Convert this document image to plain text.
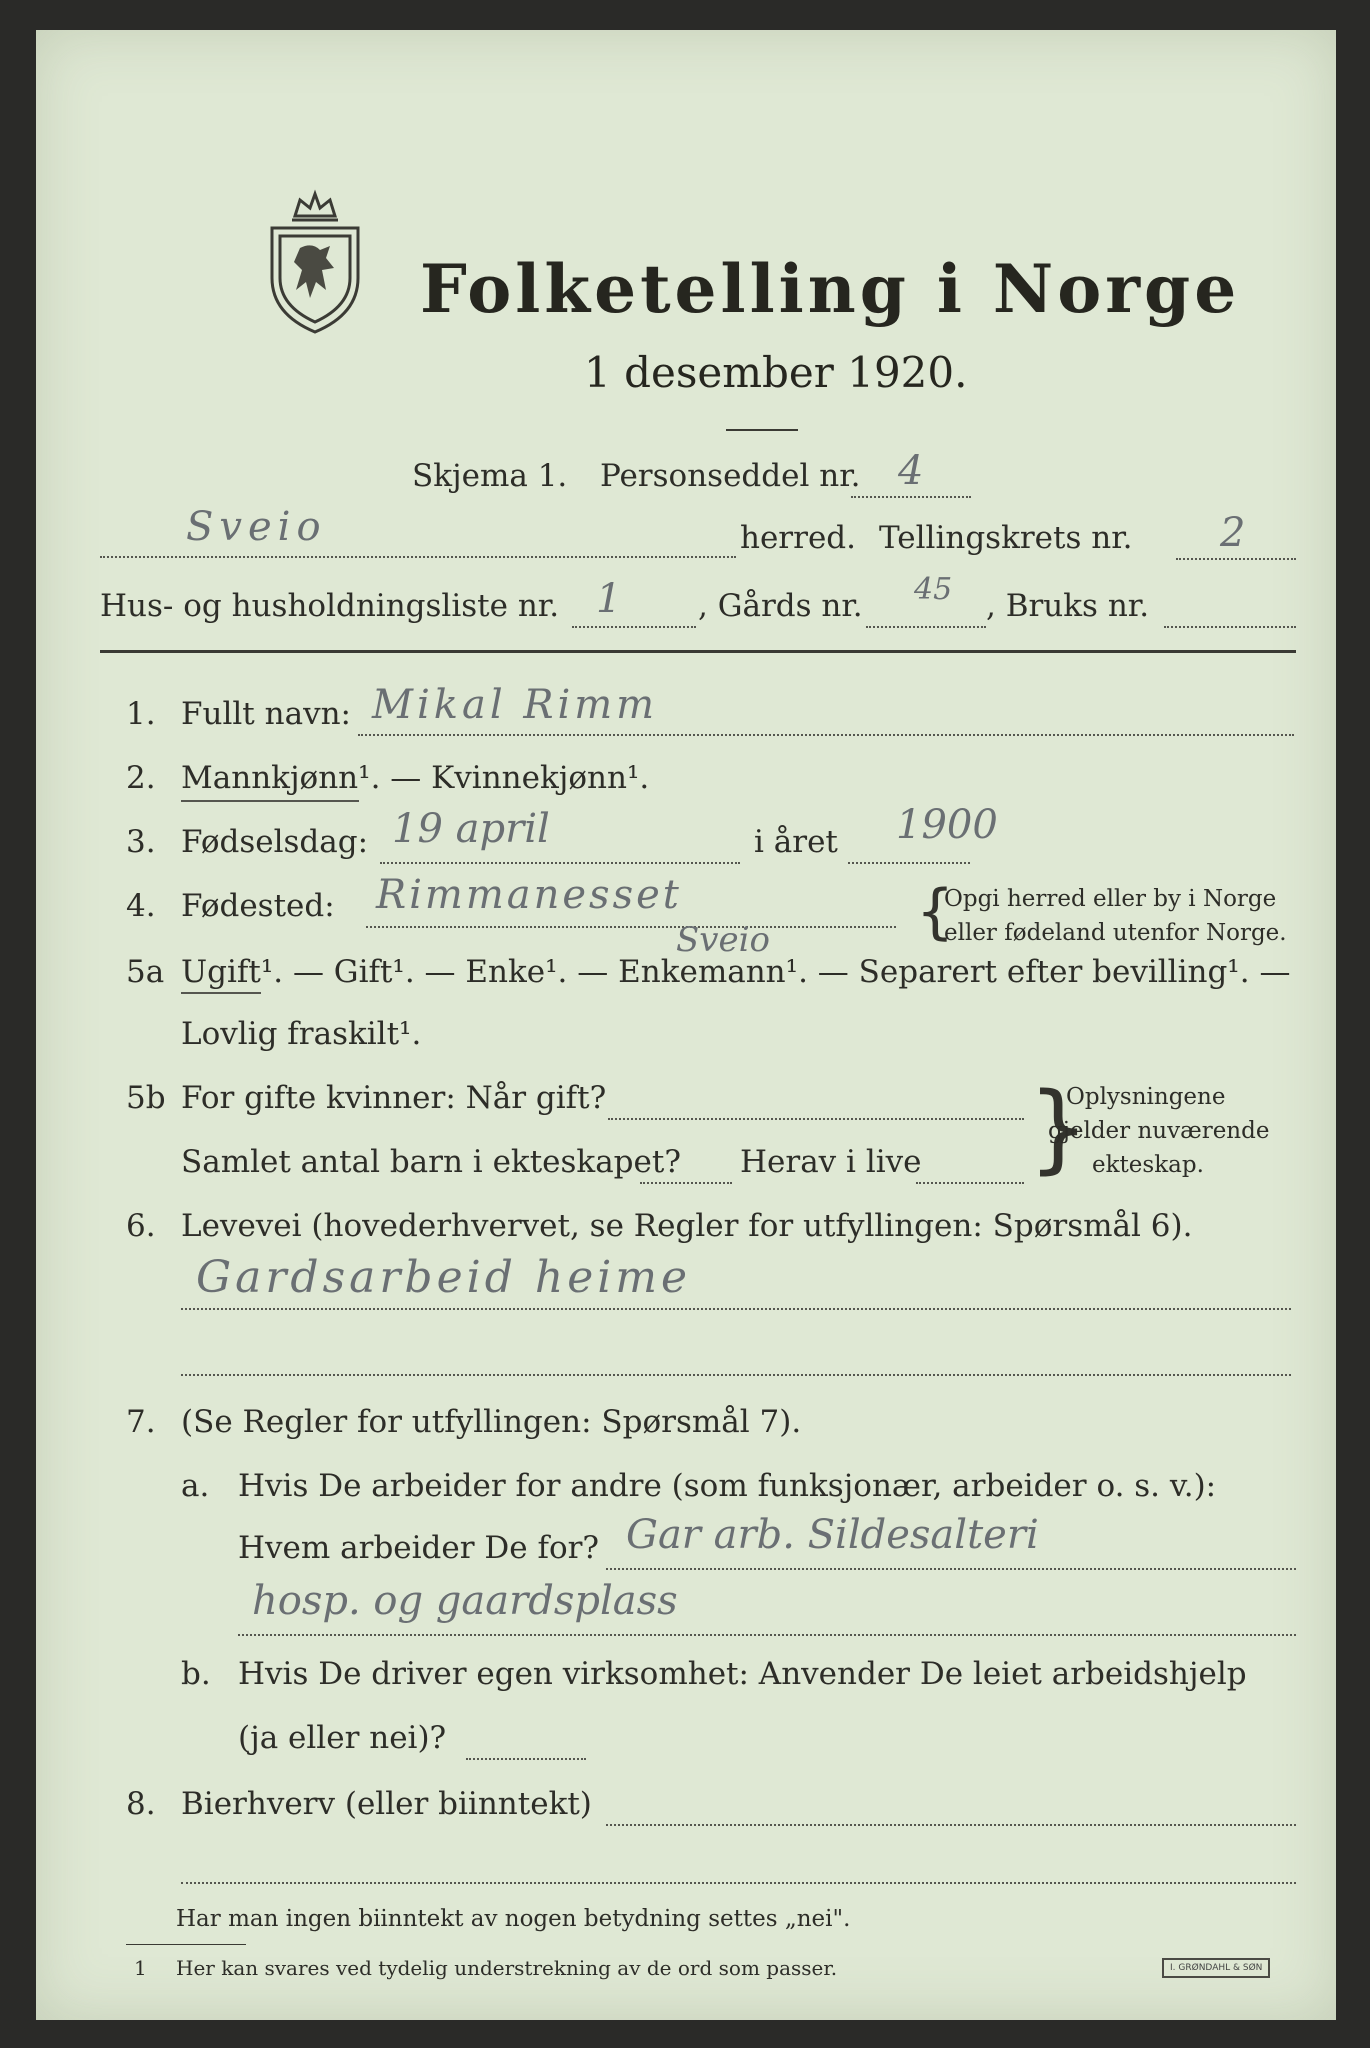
Folketelling i Norge
1 desember 1920.
Skjema 1. Personseddel nr. 4
Sveio	herred. Tellingskrets nr. 2
Hus- og husholdningsliste nr. 1 , Gårds nr. 45 , Bruks nr.
1. Fullt navn: Mikal Rimm
2. Mannkjønn¹. — Kvinnekjønn¹.
3. Fødselsdag: 19 april	i året 1900
4. Fødested: Rimmanesset
Sveio {
Opgi herred eller by i Norge
eller fødeland utenfor Norge.
5a Ugift¹. — Gift¹. — Enke¹. — Enkemann¹. — Separert efter bevilling¹. —
Lovlig fraskilt¹.
5b For gifte kvinner: Når gift?
Samlet antal barn i ekteskapet? Herav i live }
Oplysningene
gjelder nuværende
ekteskap.
6. Levevei (hovederhvervet, se Regler for utfyllingen: Spørsmål 6).
Gardsarbeid heime
7. (Se Regler for utfyllingen: Spørsmål 7).
a. Hvis De arbeider for andre (som funksjonær, arbeider o. s. v.):
Hvem arbeider De for? Gar arb. Sildesalteri
hosp. og gaardsplass
b. Hvis De driver egen virksomhet: Anvender De leiet arbeidshjelp
(ja eller nei)?
8. Bierhverv (eller biinntekt)
Har man ingen biinntekt av nogen betydning settes „nei".
1 Her kan svares ved tydelig understrekning av de ord som passer.	I. GRØNDAHL & SØN
